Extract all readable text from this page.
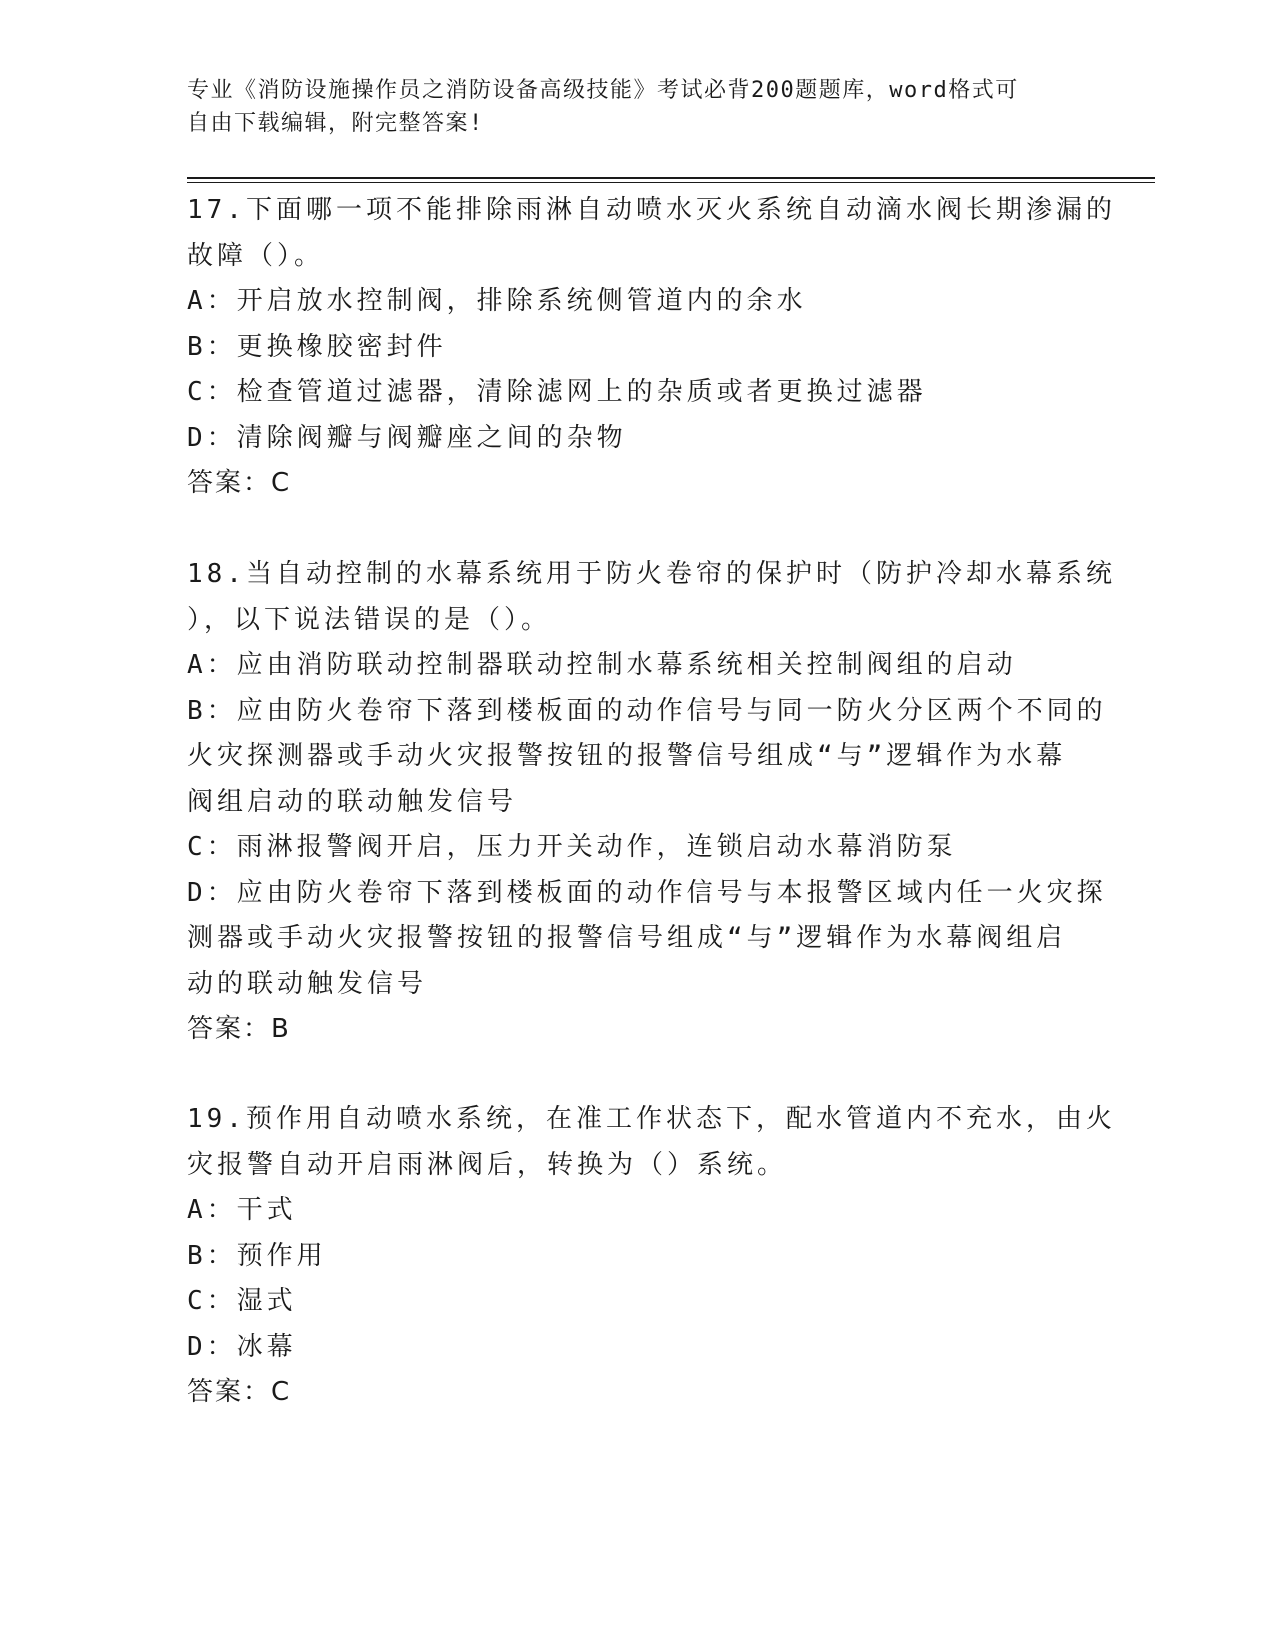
专业《消防设施操作员之消防设备高级技能》考试必背200题题库，word格式可
自由下载编辑，附完整答案!
17.下面哪一项不能排除雨淋自动喷水灭火系统自动滴水阀长期渗漏的
故障（）。
A：开启放水控制阀，排除系统侧管道内的余水
B：更换橡胶密封件
C：检查管道过滤器，清除滤网上的杂质或者更换过滤器
D：清除阀瓣与阀瓣座之间的杂物
答案：C
18.当自动控制的水幕系统用于防火卷帘的保护时（防护冷却水幕系统
），以下说法错误的是（）。
A：应由消防联动控制器联动控制水幕系统相关控制阀组的启动
B：应由防火卷帘下落到楼板面的动作信号与同一防火分区两个不同的
火灾探测器或手动火灾报警按钮的报警信号组成“与”逻辑作为水幕
阀组启动的联动触发信号
C：雨淋报警阀开启，压力开关动作，连锁启动水幕消防泵
D：应由防火卷帘下落到楼板面的动作信号与本报警区域内任一火灾探
测器或手动火灾报警按钮的报警信号组成“与”逻辑作为水幕阀组启
动的联动触发信号
答案：B
19.预作用自动喷水系统，在准工作状态下，配水管道内不充水，由火
灾报警自动开启雨淋阀后，转换为（）系统。
A：干式
B：预作用
C：湿式
D：冰幕
答案：C
